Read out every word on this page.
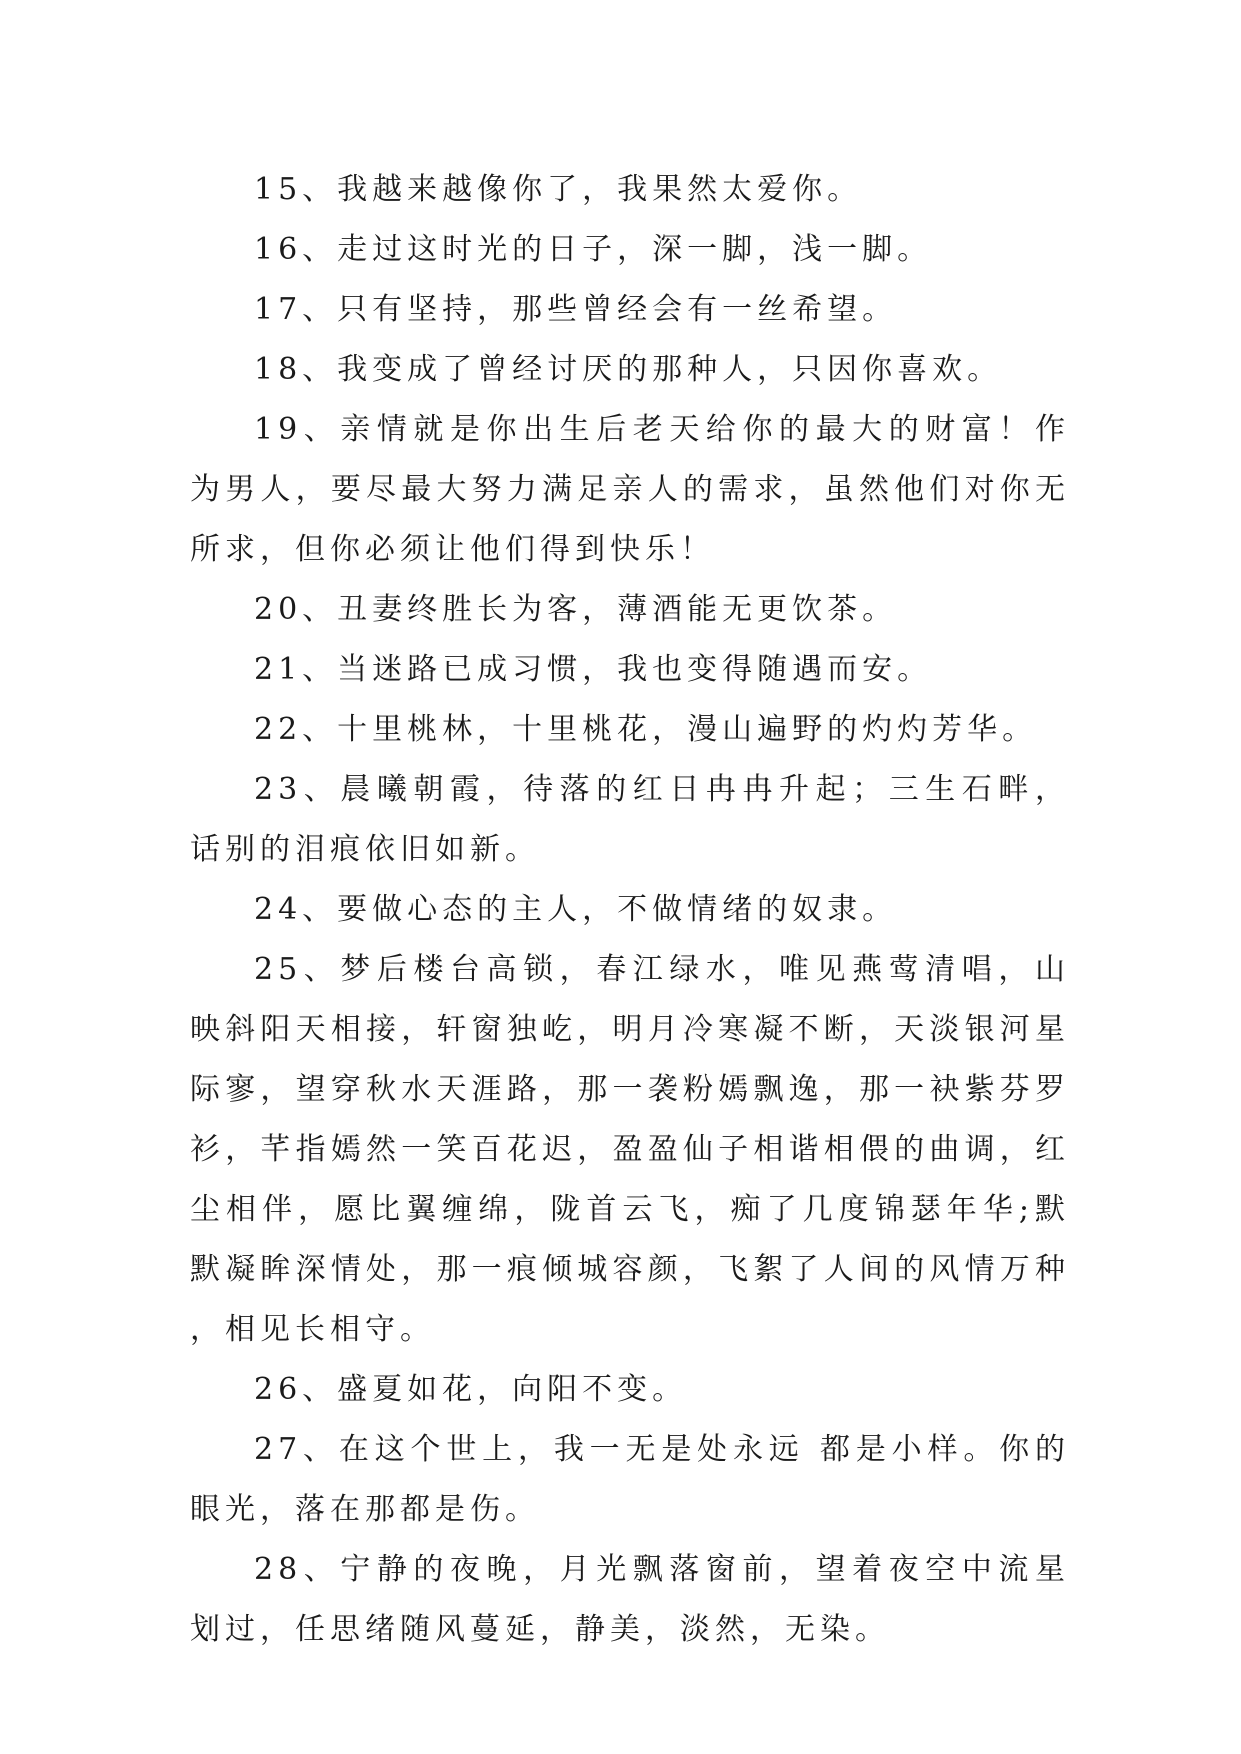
15、我越来越像你了，我果然太爱你。

16、走过这时光的日子，深一脚，浅一脚。

17、只有坚持，那些曾经会有一丝希望。

18、我变成了曾经讨厌的那种人，只因你喜欢。

19、亲情就是你出生后老天给你的最大的财富！作为男人，要尽最大努力满足亲人的需求，虽然他们对你无所求，但你必须让他们得到快乐！

20、丑妻终胜长为客，薄酒能无更饮茶。

21、当迷路已成习惯，我也变得随遇而安。

22、十里桃林，十里桃花，漫山遍野的灼灼芳华。

23、晨曦朝霞，待落的红日冉冉升起；三生石畔，话别的泪痕依旧如新。

24、要做心态的主人，不做情绪的奴隶。

25、梦后楼台高锁，春江绿水，唯见燕莺清唱，山映斜阳天相接，轩窗独屹，明月冷寒凝不断，天淡银河星际寥，望穿秋水天涯路，那一袭粉嫣飘逸，那一袂紫芬罗衫，芊指嫣然一笑百花迟，盈盈仙子相谐相偎的曲调，红尘相伴，愿比翼缠绵，陇首云飞，痴了几度锦瑟年华;默默凝眸深情处，那一痕倾城容颜，飞絮了人间的风情万种，相见长相守。

26、盛夏如花，向阳不变。

27、在这个世上，我一无是处永远 都是小样。你的眼光，落在那都是伤。

28、宁静的夜晚，月光飘落窗前，望着夜空中流星划过，任思绪随风蔓延，静美，淡然，无染。
